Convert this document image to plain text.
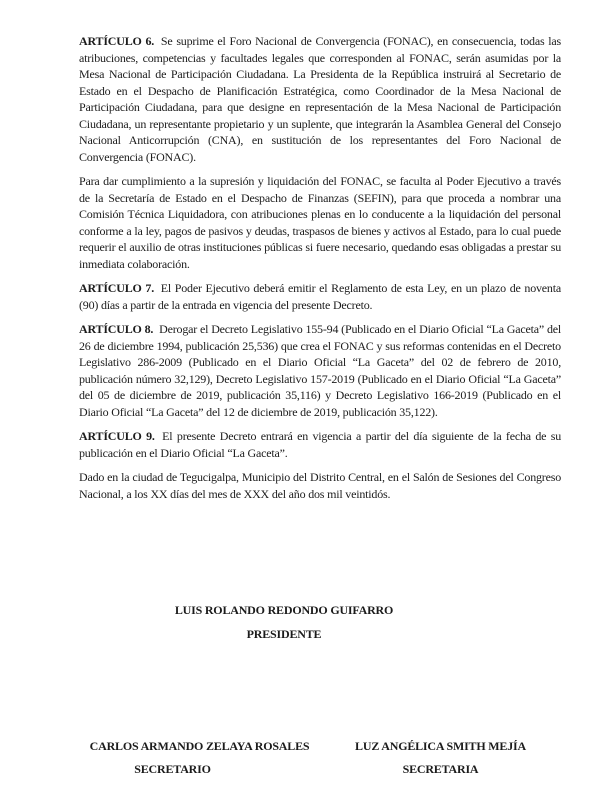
ARTÍCULO 6. Se suprime el Foro Nacional de Convergencia (FONAC), en consecuencia, todas las atribuciones, competencias y facultades legales que corresponden al FONAC, serán asumidas por la Mesa Nacional de Participación Ciudadana. La Presidenta de la República instruirá al Secretario de Estado en el Despacho de Planificación Estratégica, como Coordinador de la Mesa Nacional de Participación Ciudadana, para que designe en representación de la Mesa Nacional de Participación Ciudadana, un representante propietario y un suplente, que integrarán la Asamblea General del Consejo Nacional Anticorrupción (CNA), en sustitución de los representantes del Foro Nacional de Convergencia (FONAC).

Para dar cumplimiento a la supresión y liquidación del FONAC, se faculta al Poder Ejecutivo a través de la Secretaría de Estado en el Despacho de Finanzas (SEFIN), para que proceda a nombrar una Comisión Técnica Liquidadora, con atribuciones plenas en lo conducente a la liquidación del personal conforme a la ley, pagos de pasivos y deudas, traspasos de bienes y activos al Estado, para lo cual puede requerir el auxilio de otras instituciones públicas si fuere necesario, quedando esas obligadas a prestar su inmediata colaboración.

ARTÍCULO 7. El Poder Ejecutivo deberá emitir el Reglamento de esta Ley, en un plazo de noventa (90) días a partir de la entrada en vigencia del presente Decreto.

ARTÍCULO 8. Derogar el Decreto Legislativo 155-94 (Publicado en el Diario Oficial “La Gaceta” del 26 de diciembre 1994, publicación 25,536) que crea el FONAC y sus reformas contenidas en el Decreto Legislativo 286-2009 (Publicado en el Diario Oficial “La Gaceta” del 02 de febrero de 2010, publicación número 32,129), Decreto Legislativo 157-2019 (Publicado en el Diario Oficial “La Gaceta” del 05 de diciembre de 2019, publicación 35,116) y Decreto Legislativo 166-2019 (Publicado en el Diario Oficial “La Gaceta” del 12 de diciembre de 2019, publicación 35,122).

ARTÍCULO 9. El presente Decreto entrará en vigencia a partir del día siguiente de la fecha de su publicación en el Diario Oficial “La Gaceta”.

Dado en la ciudad de Tegucigalpa, Municipio del Distrito Central, en el Salón de Sesiones del Congreso Nacional, a los XX días del mes de XXX del año dos mil veintidós.

LUIS ROLANDO REDONDO GUIFARRO
PRESIDENTE
CARLOS ARMANDO ZELAYA ROSALES
SECRETARIO
LUZ ANGÉLICA SMITH MEJÍA
SECRETARIA
